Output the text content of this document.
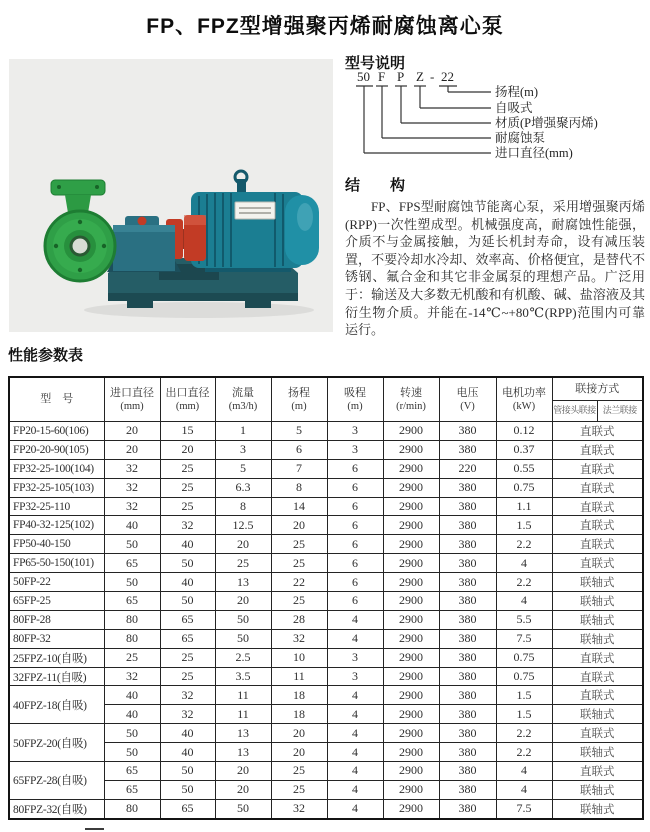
FP、FPZ型增强聚丙烯耐腐蚀离心泵
型号说明
50 F P Z - 22
扬程(m)
自吸式
材质(P增强聚丙烯)
耐腐蚀泵
进口直径(mm)
结　　构
FP、FPS型耐腐蚀节能离心泵，采用增强聚丙烯(RPP)一次性塑成型。机械强度高，耐腐蚀性能强，介质不与金属接触，为延长机封寿命，设有减压装置，不要冷却水冷却、效率高、价格便宜，是替代不锈钢、氟合金和其它非金属泵的理想产品。广泛用于：输送及大多数无机酸和有机酸、碱、盐溶液及其衍生物介质。并能在-14℃~+80℃(RPP)范围内可靠运行。
性能参数表
型　号	进口直径
(mm)	出口直径
(mm)	流量
(m3/h)	扬程
(m)	吸程
(m)	转速
(r/min)	电压
(V)	电机功率
(kW)	联接方式	
									管接头联接	法兰联接
FP20-15-60(106)	20	15	1	5	3	2900	380	0.12	直联式	
FP20-20-90(105)	20	20	3	6	3	2900	380	0.37	直联式	
FP32-25-100(104)	32	25	5	7	6	2900	220	0.55	直联式	
FP32-25-105(103)	32	25	6.3	8	6	2900	380	0.75	直联式	
FP32-25-110	32	25	8	14	6	2900	380	1.1	直联式	
FP40-32-125(102)	40	32	12.5	20	6	2900	380	1.5	直联式	
FP50-40-150	50	40	20	25	6	2900	380	2.2	直联式	
FP65-50-150(101)	65	50	25	25	6	2900	380	4	直联式	
50FP-22	50	40	13	22	6	2900	380	2.2	联轴式	
65FP-25	65	50	20	25	6	2900	380	4	联轴式	
80FP-28	80	65	50	28	4	2900	380	5.5	联轴式	
80FP-32	80	65	50	32	4	2900	380	7.5	联轴式	
25FPZ-10(自吸)	25	25	2.5	10	3	2900	380	0.75	直联式	
32FPZ-11(自吸)	32	25	3.5	11	3	2900	380	0.75	直联式	
40FPZ-18(自吸)	40	32	11	18	4	2900	380	1.5	直联式	
	40	32	11	18	4	2900	380	1.5	联轴式	
50FPZ-20(自吸)	50	40	13	20	4	2900	380	2.2	直联式	
	50	40	13	20	4	2900	380	2.2	联轴式	
65FPZ-28(自吸)	65	50	20	25	4	2900	380	4	直联式	
	65	50	20	25	4	2900	380	4	联轴式	
80FPZ-32(自吸)	80	65	50	32	4	2900	380	7.5	联轴式	
